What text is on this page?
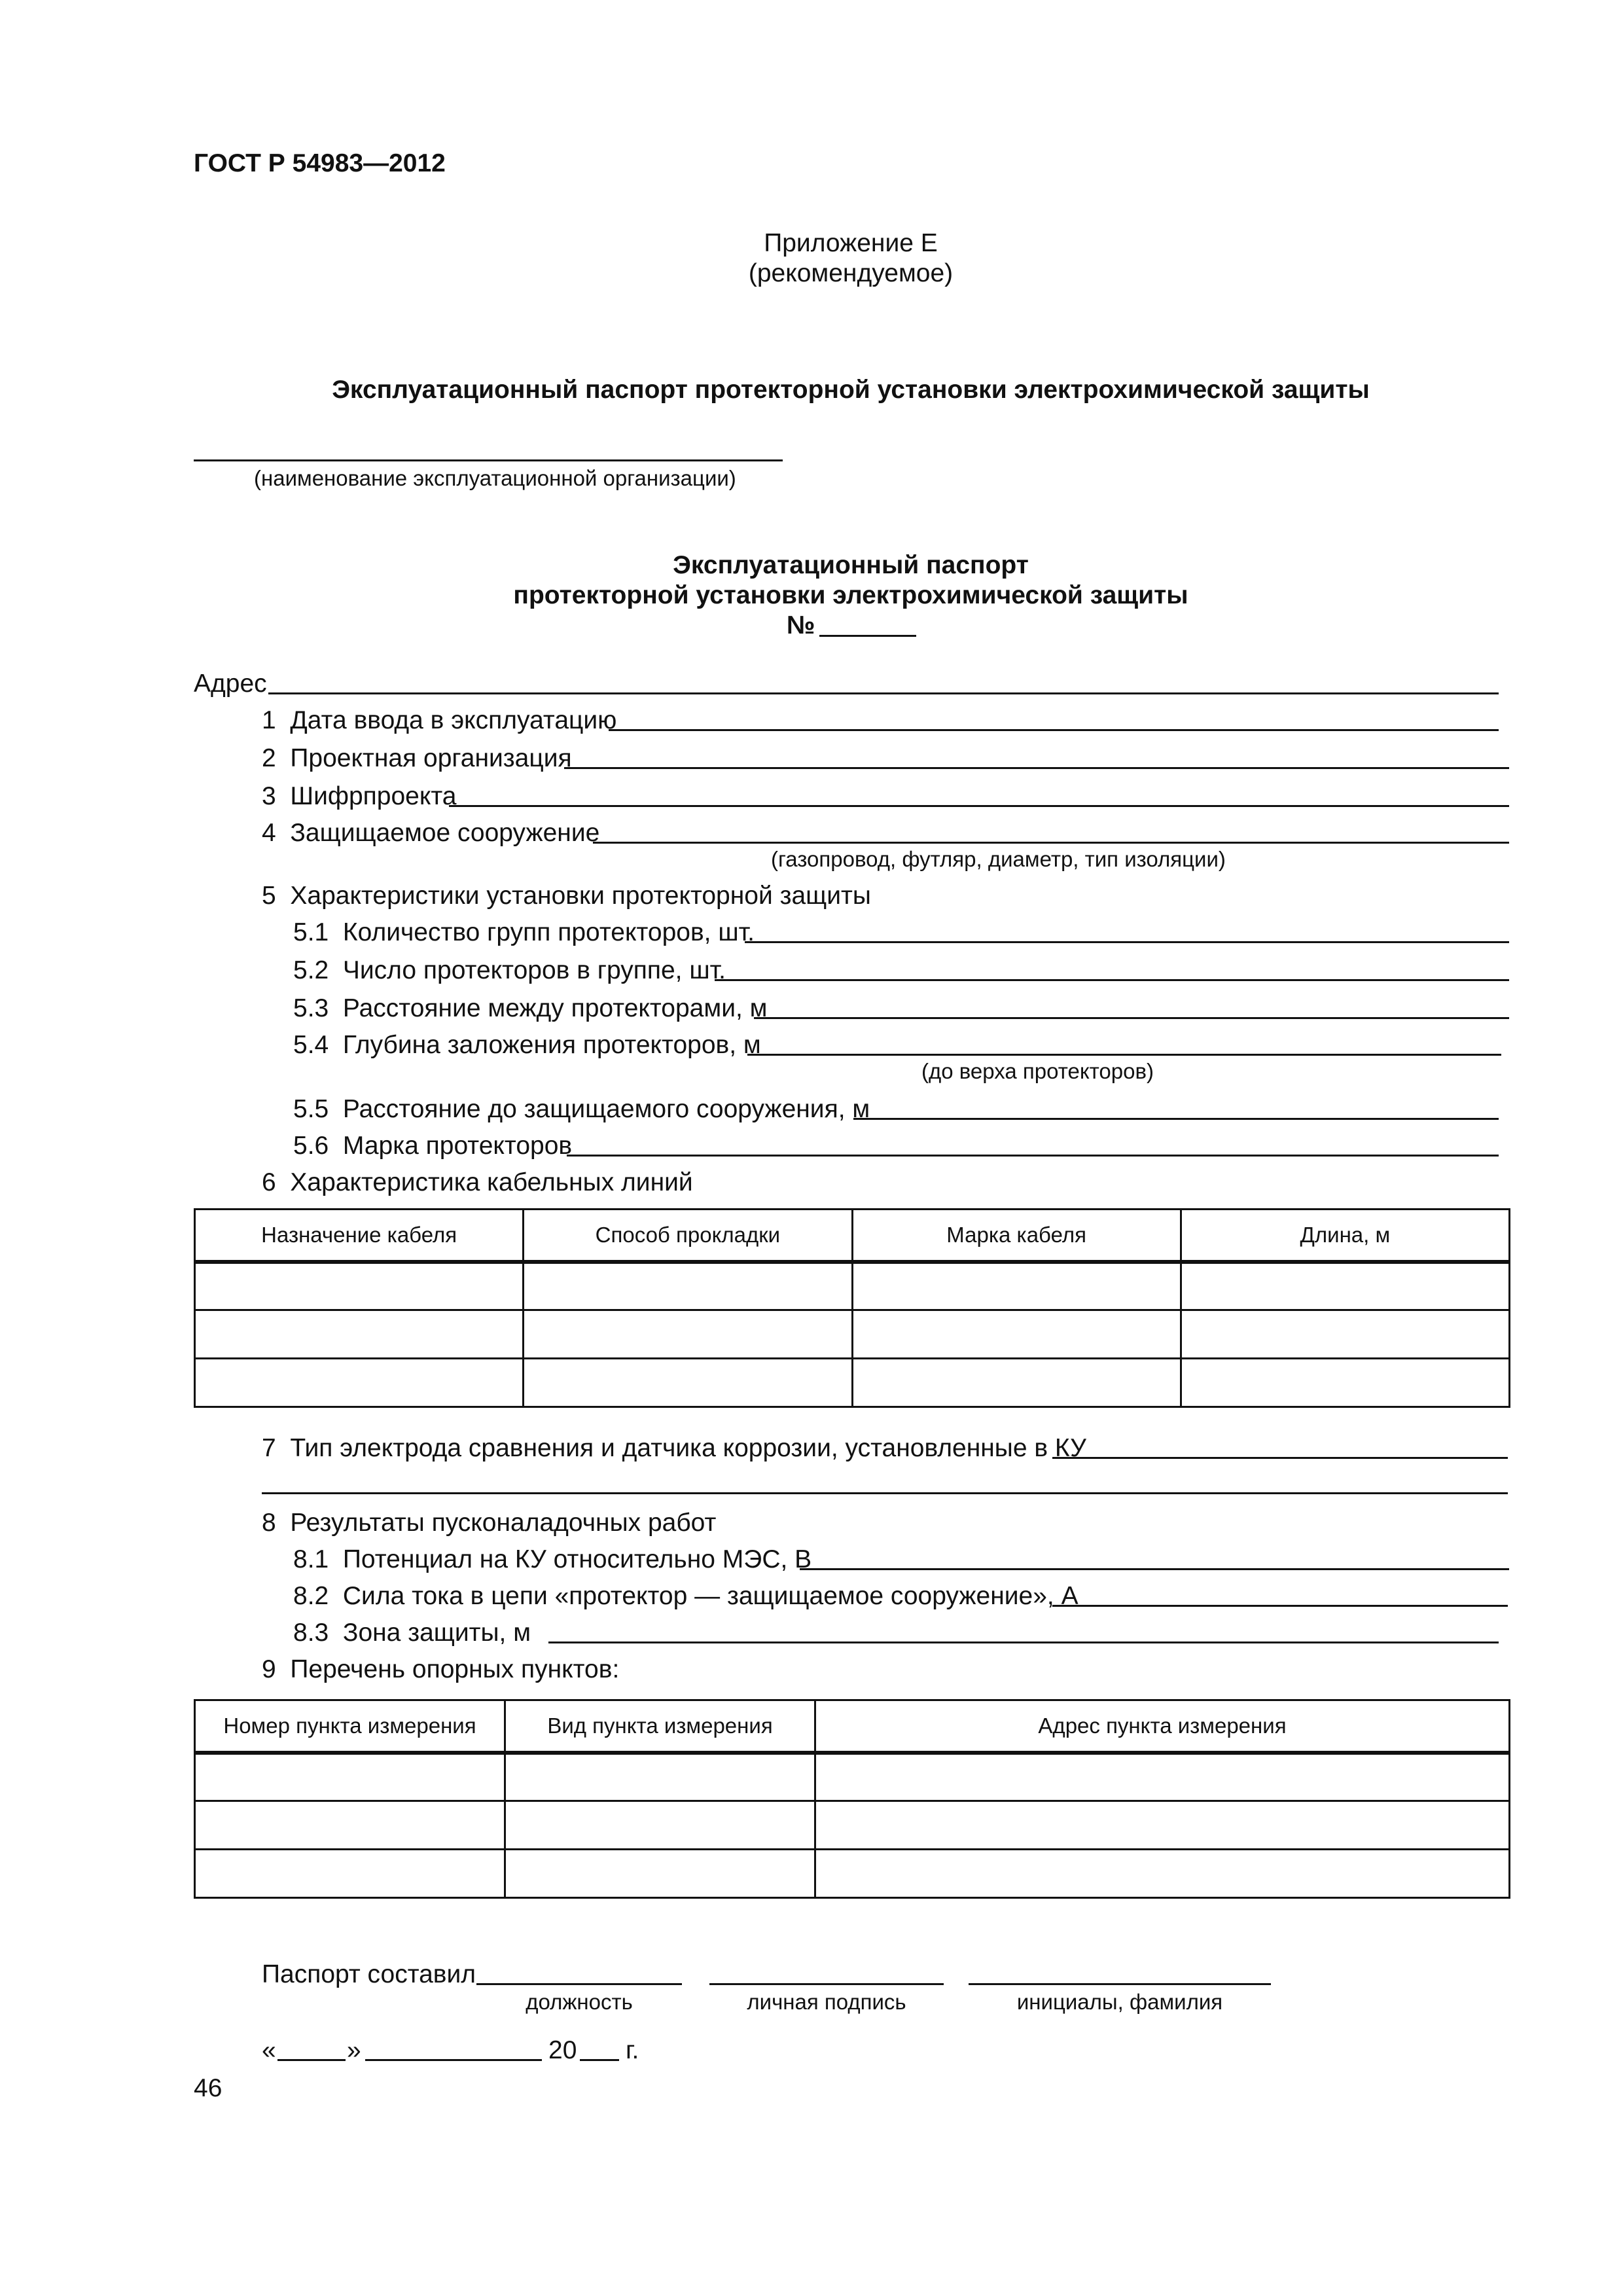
ГОСТ Р 54983—2012
Приложение Е
(рекомендуемое)
Эксплуатационный паспорт протекторной установки электрохимической защиты
(наименование эксплуатационной организации)
Эксплуатационный паспорт
протекторной установки электрохимической защиты
№
Адрес
1 Дата ввода в эксплуатацию
2 Проектная организация
3 Шифрпроекта
4 Защищаемое сооружение
(газопровод, футляр, диаметр, тип изоляции)
5 Характеристики установки протекторной защиты
5.1 Количество групп протекторов, шт.
5.2 Число протекторов в группе, шт.
5.3 Расстояние между протекторами, м
5.4 Глубина заложения протекторов, м
(до верха протекторов)
5.5 Расстояние до защищаемого сооружения, м
5.6 Марка протекторов
6 Характеристика кабельных линий
Назначение кабеля	Способ прокладки	Марка кабеля	Длина, м

7 Тип электрода сравнения и датчика коррозии, установленные в КУ
8 Результаты пусконаладочных работ
8.1 Потенциал на КУ относительно МЭС, В
8.2 Сила тока в цепи «протектор — защищаемое сооружение», А
8.3 Зона защиты, м
9 Перечень опорных пунктов:
Номер пункта измерения	Вид пункта измерения	Адрес пункта измерения

Паспорт составил
должность	личная подпись	инициалы, фамилия
«	»	20 г.
46
